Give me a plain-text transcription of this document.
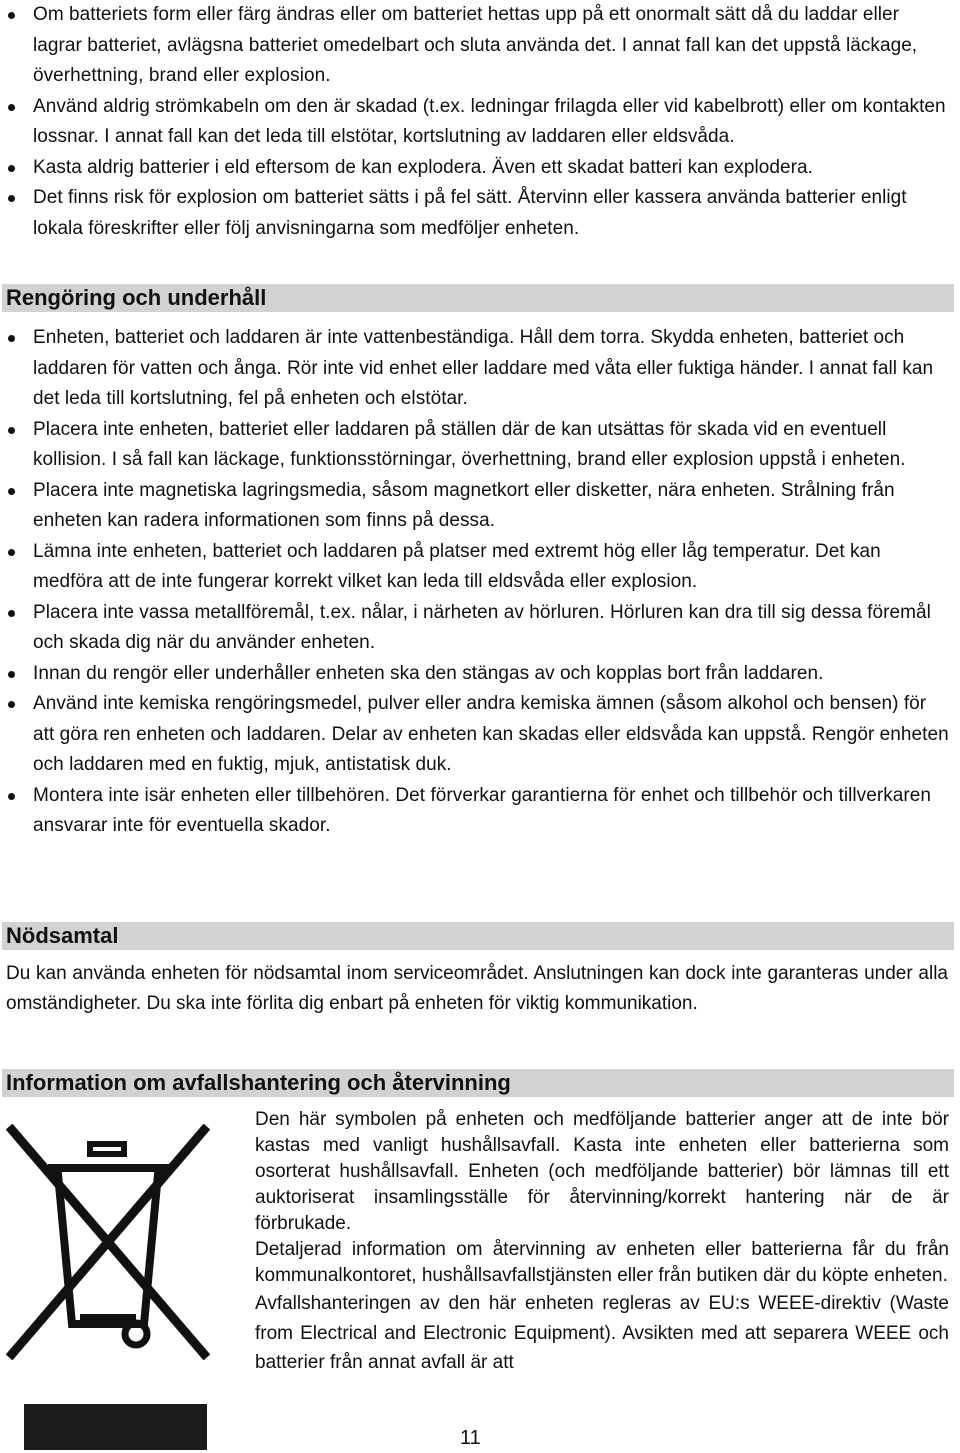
Om batteriets form eller färg ändras eller om batteriet hettas upp på ett onormalt sätt då du laddar eller lagrar batteriet, avlägsna batteriet omedelbart och sluta använda det. I annat fall kan det uppstå läckage, överhettning, brand eller explosion.
Använd aldrig strömkabeln om den är skadad (t.ex. ledningar frilagda eller vid kabelbrott) eller om kontakten lossnar. I annat fall kan det leda till elstötar, kortslutning av laddaren eller eldsvåda.
Kasta aldrig batterier i eld eftersom de kan explodera. Även ett skadat batteri kan explodera.
Det finns risk för explosion om batteriet sätts i på fel sätt. Återvinn eller kassera använda batterier enligt lokala föreskrifter eller följ anvisningarna som medföljer enheten.
Rengöring och underhåll
Enheten, batteriet och laddaren är inte vattenbeständiga. Håll dem torra. Skydda enheten, batteriet och laddaren för vatten och ånga. Rör inte vid enhet eller laddare med våta eller fuktiga händer. I annat fall kan det leda till kortslutning, fel på enheten och elstötar.
Placera inte enheten, batteriet eller laddaren på ställen där de kan utsättas för skada vid en eventuell kollision. I så fall kan läckage, funktionsstörningar, överhettning, brand eller explosion uppstå i enheten.
Placera inte magnetiska lagringsmedia, såsom magnetkort eller disketter, nära enheten. Strålning från enheten kan radera informationen som finns på dessa.
Lämna inte enheten, batteriet och laddaren på platser med extremt hög eller låg temperatur. Det kan medföra att de inte fungerar korrekt vilket kan leda till eldsvåda eller explosion.
Placera inte vassa metallföremål, t.ex. nålar, i närheten av hörluren. Hörluren kan dra till sig dessa föremål och skada dig när du använder enheten.
Innan du rengör eller underhåller enheten ska den stängas av och kopplas bort från laddaren.
Använd inte kemiska rengöringsmedel, pulver eller andra kemiska ämnen (såsom alkohol och bensen) för att göra ren enheten och laddaren. Delar av enheten kan skadas eller eldsvåda kan uppstå. Rengör enheten och laddaren med en fuktig, mjuk, antistatisk duk.
Montera inte isär enheten eller tillbehören. Det förverkar garantierna för enhet och tillbehör och tillverkaren ansvarar inte för eventuella skador.
Nödsamtal

Du kan använda enheten för nödsamtal inom serviceområdet. Anslutningen kan dock inte garanteras under alla omständigheter. Du ska inte förlita dig enbart på enheten för viktig kommunikation.

Information om avfallshantering och återvinning

Den här symbolen på enheten och medföljande batterier anger att de inte bör kastas med vanligt hushållsavfall. Kasta inte enheten eller batterierna som osorterat hushållsavfall. Enheten (och medföljande batterier) bör lämnas till ett auktoriserat insamlingsställe för återvinning/korrekt hantering när de är förbrukade.

Detaljerad information om återvinning av enheten eller batterierna får du från kommunalkontoret, hushållsavfallstjänsten eller från butiken där du köpte enheten.

Avfallshanteringen av den här enheten regleras av EU:s WEEE-direktiv (Waste from Electrical and Electronic Equipment). Avsikten med att separera WEEE och batterier från annat avfall är att

11
